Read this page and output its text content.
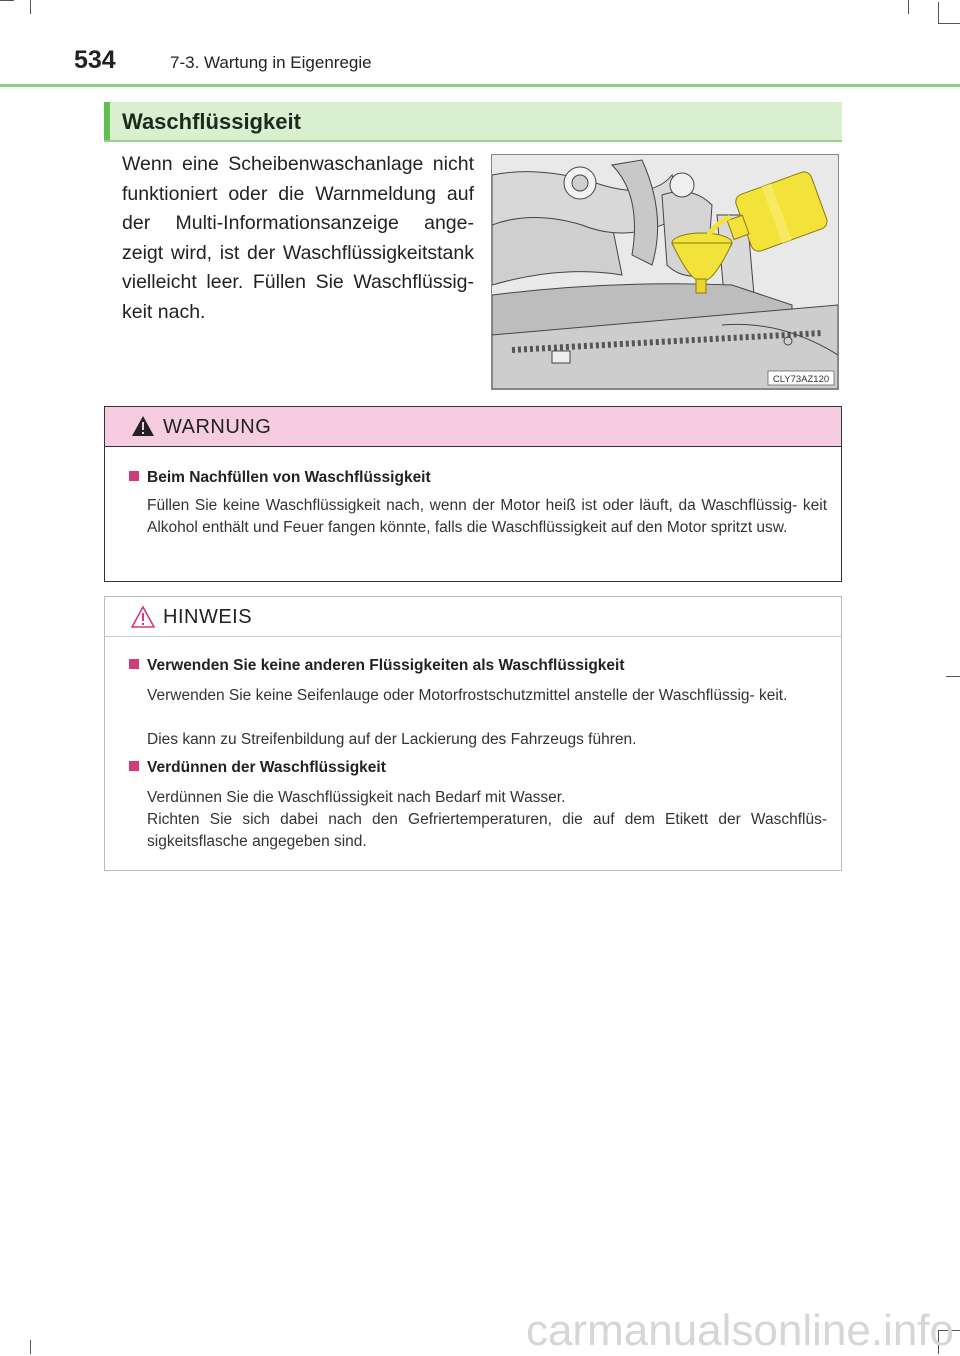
534	7-3. Wartung in Eigenregie
Waschflüssigkeit
Wenn eine Scheibenwaschanlage nicht funktioniert oder die Warnmeldung auf der Multi-Informationsanzeige ange- zeigt wird, ist der Waschflüssigkeitstank vielleicht leer. Füllen Sie Waschflüssig- keit nach.
CLY73AZ120
WARNUNG
Beim Nachfüllen von Waschflüssigkeit
Füllen Sie keine Waschflüssigkeit nach, wenn der Motor heiß ist oder läuft, da Waschflüssig- keit Alkohol enthält und Feuer fangen könnte, falls die Waschflüssigkeit auf den Motor spritzt usw.
HINWEIS
Verwenden Sie keine anderen Flüssigkeiten als Waschflüssigkeit
Verwenden Sie keine Seifenlauge oder Motorfrostschutzmittel anstelle der Waschflüssig- keit.
Dies kann zu Streifenbildung auf der Lackierung des Fahrzeugs führen.
Verdünnen der Waschflüssigkeit
Verdünnen Sie die Waschflüssigkeit nach Bedarf mit Wasser.
Richten Sie sich dabei nach den Gefriertemperaturen, die auf dem Etikett der Waschflüs- sigkeitsflasche angegeben sind.
carmanualsonline.info
